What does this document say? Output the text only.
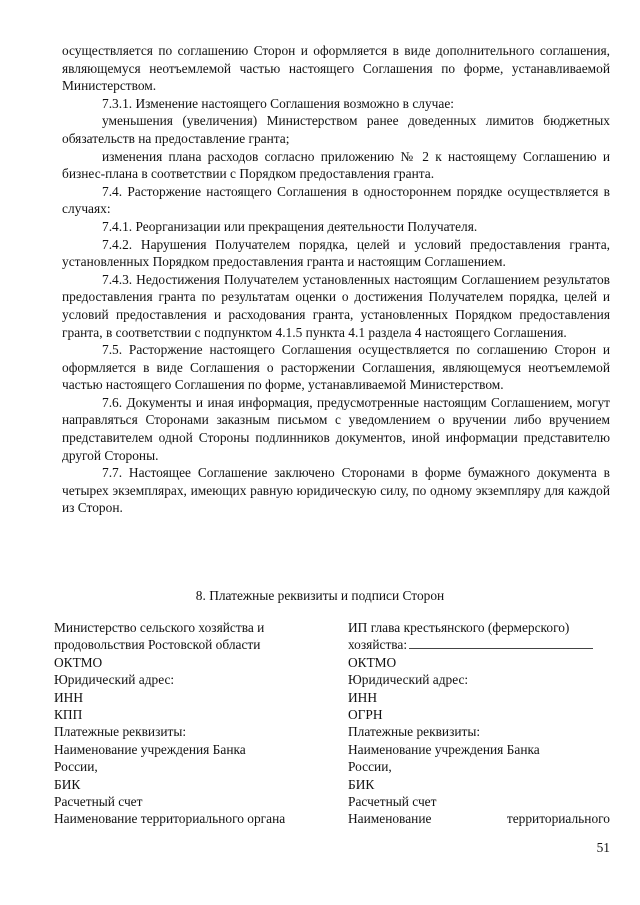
осуществляется по соглашению Сторон и оформляется в виде дополнительного соглашения, являющемуся неотъемлемой частью настоящего Соглашения по форме, устанавливаемой Министерством.

7.3.1. Изменение настоящего Соглашения возможно в случае:

уменьшения (увеличения) Министерством ранее доведенных лимитов бюджетных обязательств на предоставление гранта;

изменения плана расходов согласно приложению № 2 к настоящему Соглашению и бизнес-плана в соответствии с Порядком предоставления гранта.

7.4. Расторжение настоящего Соглашения в одностороннем порядке осуществляется в случаях:

7.4.1. Реорганизации или прекращения деятельности Получателя.

7.4.2. Нарушения Получателем порядка, целей и условий предоставления гранта, установленных Порядком предоставления гранта и настоящим Соглашением.

7.4.3. Недостижения Получателем установленных настоящим Соглашением результатов предоставления гранта по результатам оценки о достижения Получателем порядка, целей и условий предоставления и расходования гранта, установленных Порядком предоставления гранта, в соответствии с подпунктом 4.1.5 пункта 4.1 раздела 4 настоящего Соглашения.

7.5. Расторжение настоящего Соглашения осуществляется по соглашению Сторон и оформляется в виде Соглашения о расторжении Соглашения, являющемуся неотъемлемой частью настоящего Соглашения по форме, устанавливаемой Министерством.

7.6. Документы и иная информация, предусмотренные настоящим Соглашением, могут направляться Сторонами заказным письмом с уведомлением о вручении либо вручением представителем одной Стороны подлинников документов, иной информации представителю другой Стороны.

7.7. Настоящее Соглашение заключено Сторонами в форме бумажного документа в четырех экземплярах, имеющих равную юридическую силу, по одному экземпляру для каждой из Сторон.

8. Платежные реквизиты и подписи Сторон
Министерство сельского хозяйства и
продовольствия Ростовской области
ОКТМО
Юридический адрес:
ИНН
КПП
Платежные реквизиты:
Наименование учреждения Банка
России,
БИК
Расчетный счет
Наименование территориального органа
ИП глава крестьянского (фермерского)
хозяйства:
ОКТМО
Юридический адрес:
ИНН
ОГРН
Платежные реквизиты:
Наименование учреждения Банка
России,
БИК
Расчетный счет
Наименование	территориального
51
